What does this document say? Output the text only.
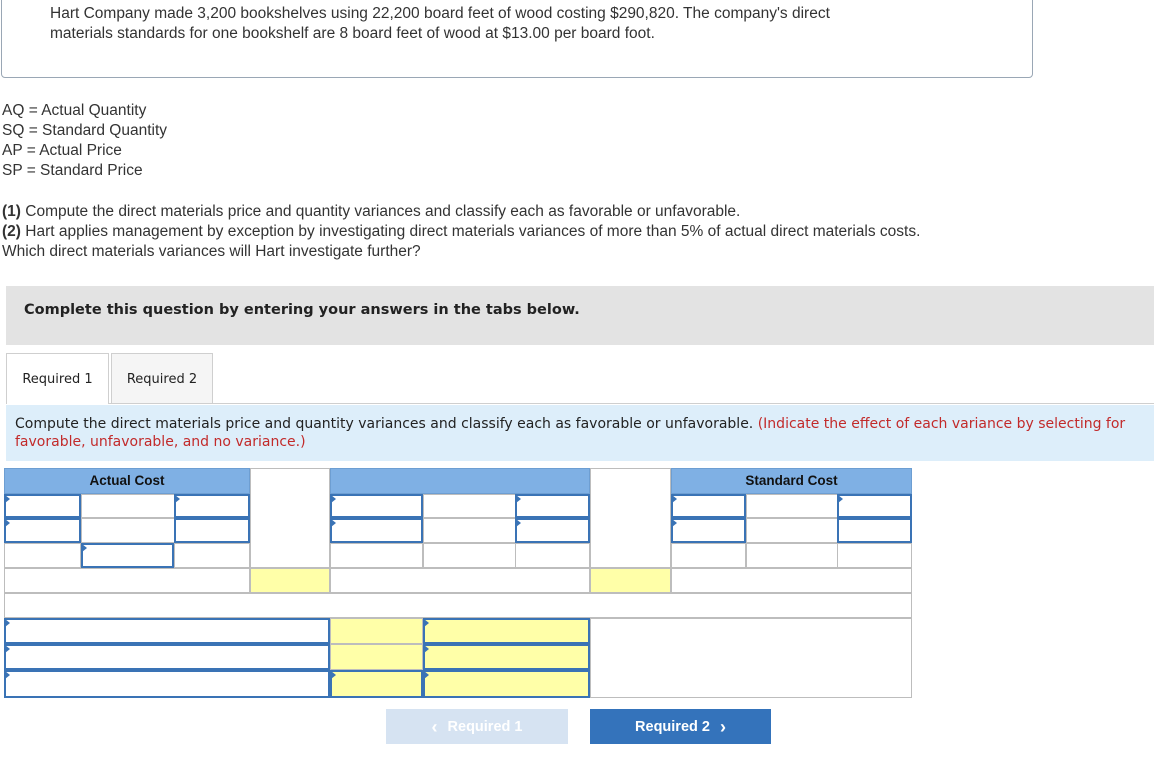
Hart Company made 3,200 bookshelves using 22,200 board feet of wood costing $290,820. The company's direct
materials standards for one bookshelf are 8 board feet of wood at $13.00 per board foot.
AQ = Actual Quantity
SQ = Standard Quantity
AP = Actual Price
SP = Standard Price
(1) Compute the direct materials price and quantity variances and classify each as favorable or unfavorable.
(2) Hart applies management by exception by investigating direct materials variances of more than 5% of actual direct materials costs.
Which direct materials variances will Hart investigate further?
Complete this question by entering your answers in the tabs below.
Required 1	Required 2
Compute the direct materials price and quantity variances and classify each as favorable or unfavorable. (Indicate the effect of each variance by selecting for favorable, unfavorable, and no variance.)
Actual Cost	Standard Cost
‹ Required 1	Required 2 ›
